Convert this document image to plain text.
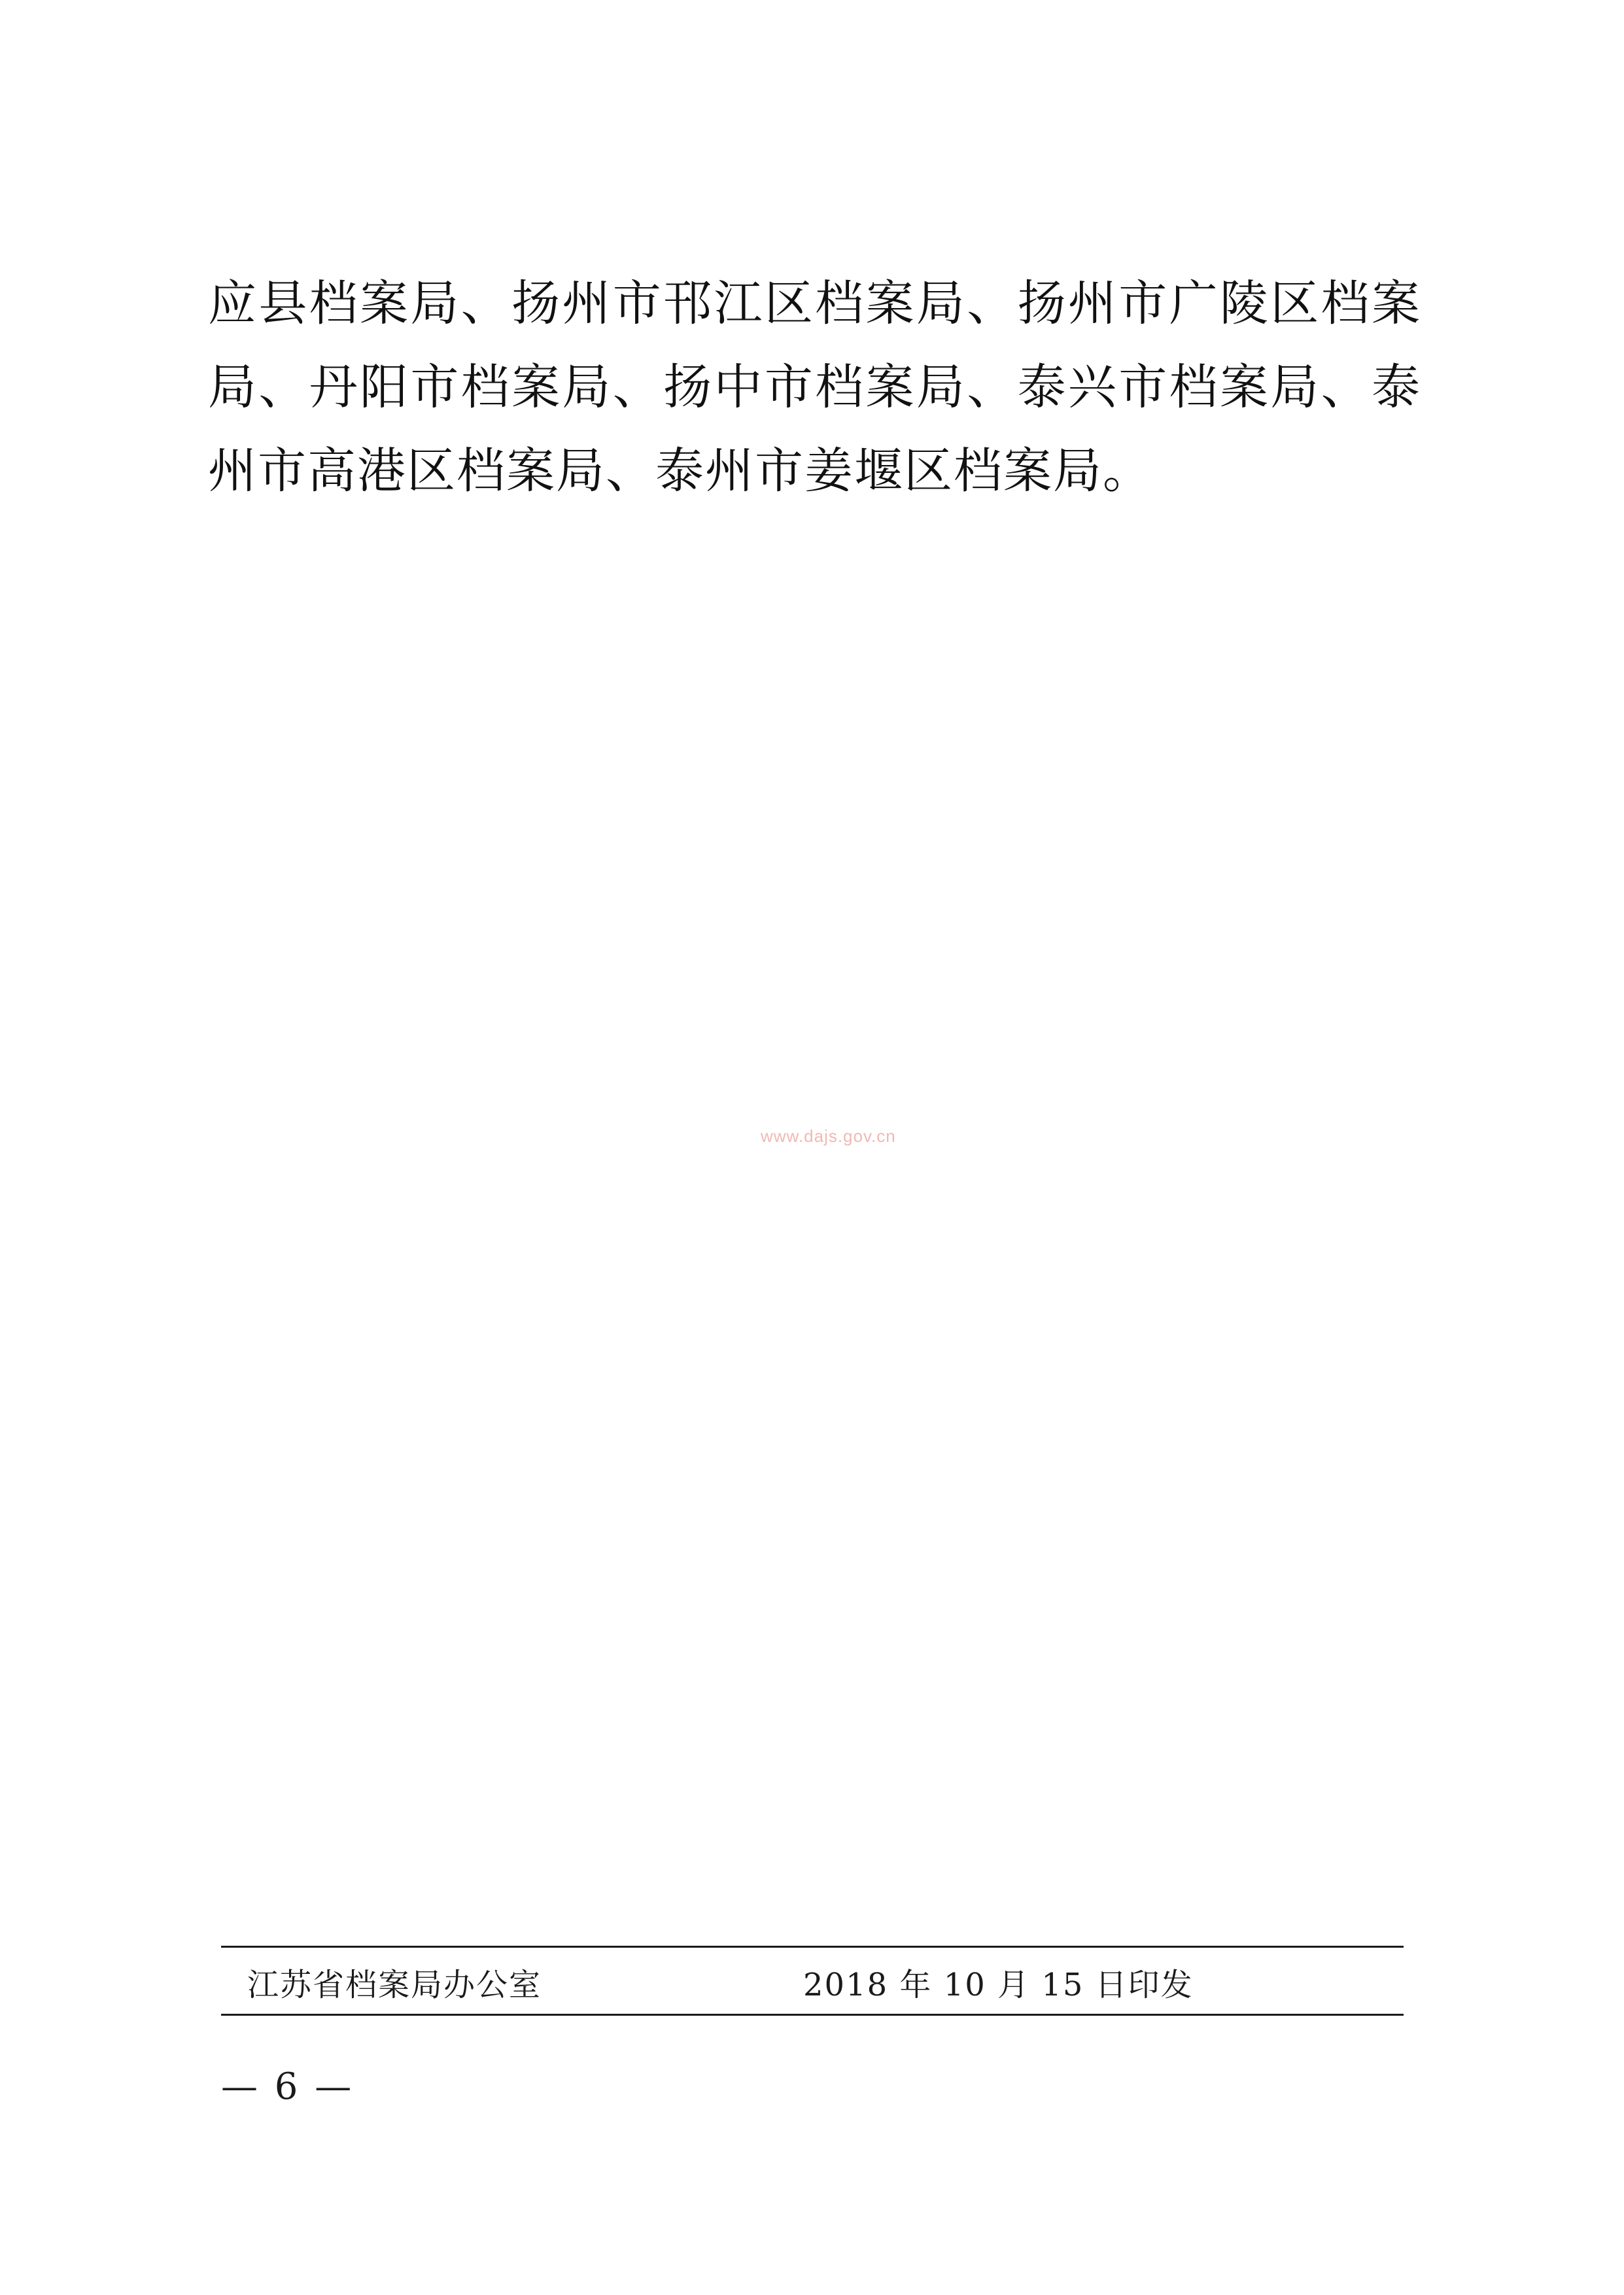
应县档案局、扬州市邗江区档案局、扬州市广陵区档案局、丹阳市档案局、扬中市档案局、泰兴市档案局、泰州市高港区档案局、泰州市姜堰区档案局。
www.dajs.gov.cn
江苏省档案局办公室	2018 年 10 月 15 日印发
— 6 —
